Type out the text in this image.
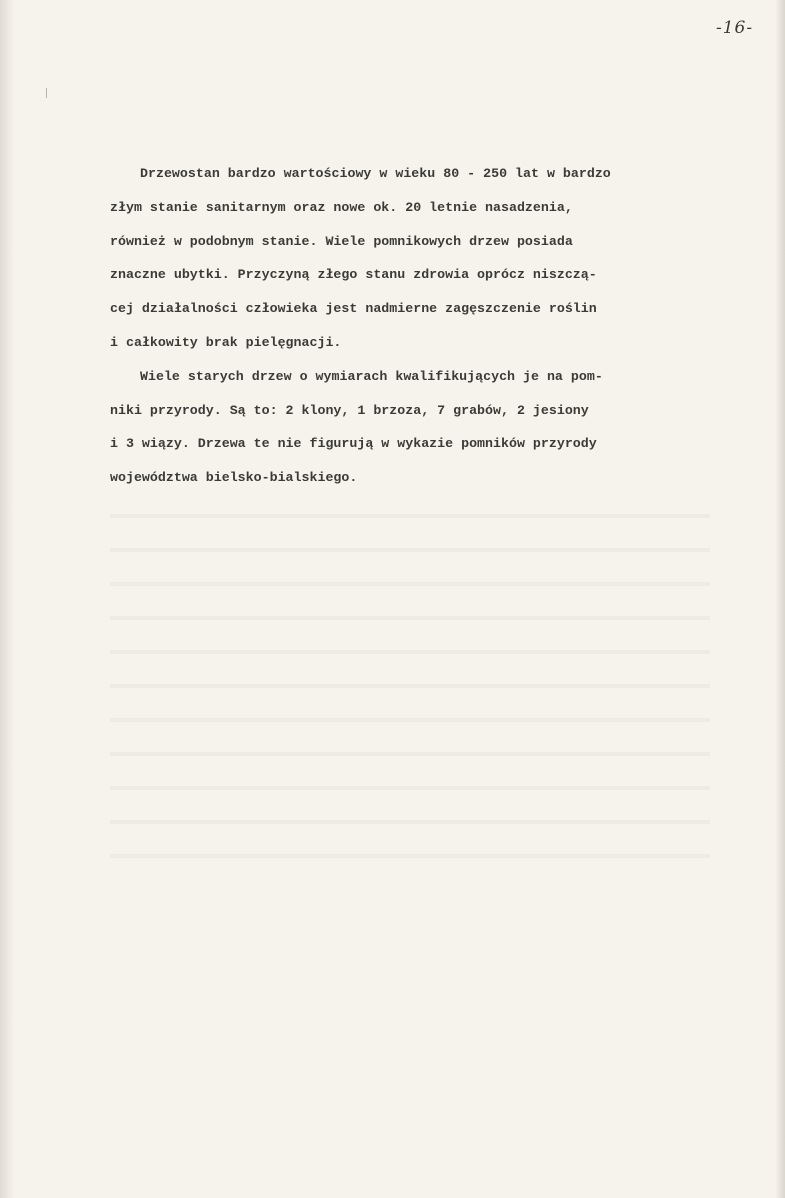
-16-
Drzewostan bardzo wartościowy w wieku 80 - 250 lat w bardzo
złym stanie sanitarnym oraz nowe ok. 20 letnie nasadzenia,
również w podobnym stanie. Wiele pomnikowych drzew posiada
znaczne ubytki. Przyczyną złego stanu zdrowia oprócz niszczą-
cej działalności człowieka jest nadmierne zagęszczenie roślin
i całkowity brak pielęgnacji.
Wiele starych drzew o wymiarach kwalifikujących je na pom-
niki przyrody. Są to: 2 klony, 1 brzoza, 7 grabów, 2 jesiony
i 3 wiązy. Drzewa te nie figurują w wykazie pomników przyrody
województwa bielsko-bialskiego.
